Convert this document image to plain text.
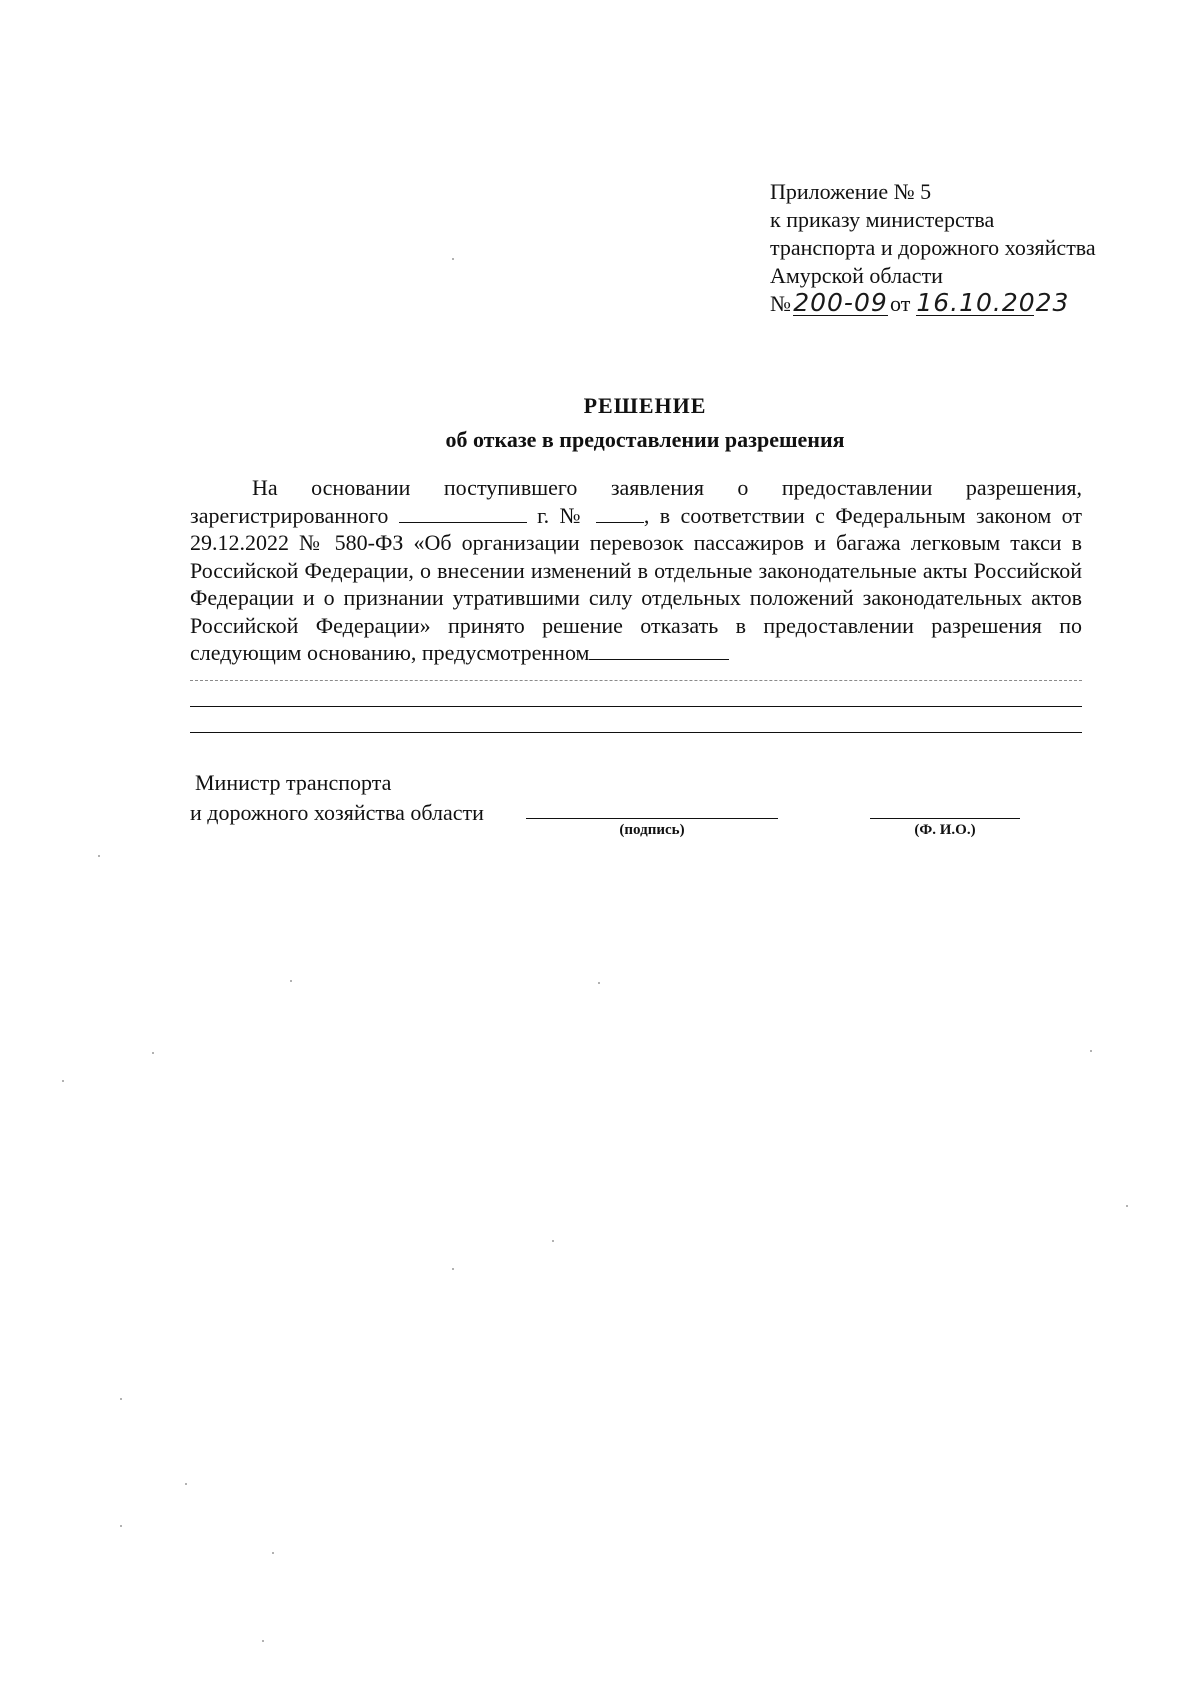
Приложение № 5
к приказу министерства
транспорта и дорожного хозяйства
Амурской области
№200-09 от 16.10.2023
РЕШЕНИЕ
об отказе в предоставлении разрешения
На основании поступившего заявления о предоставлении разрешения, зарегистрированного	г. №	, в соответствии с Федеральным законом от 29.12.2022 № 580-ФЗ «Об организации перевозок пассажиров и багажа легковым такси в Российской Федерации, о внесении изменений в отдельные законодательные акты Российской Федерации и о признании утратившими силу отдельных положений законодательных актов Российской Федерации» принято решение отказать в предоставлении разрешения по следующим основанию, предусмотренном
Министр транспорта
и дорожного хозяйства области
(подпись)	(Ф. И.О.)
